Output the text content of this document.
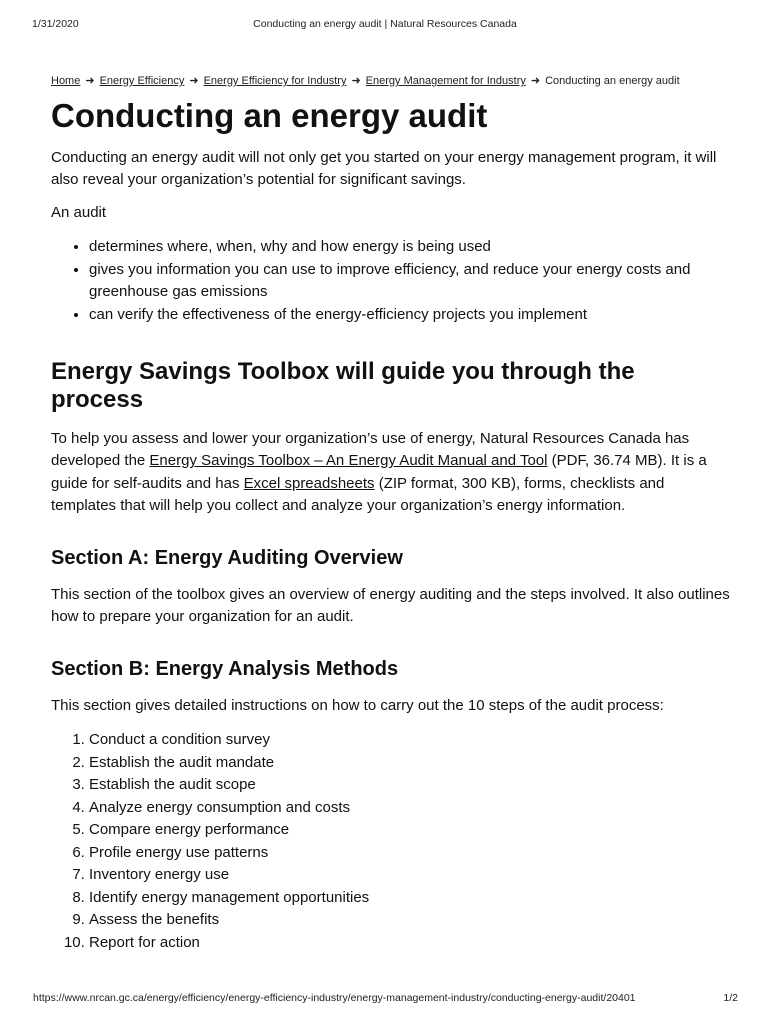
1/31/2020	Conducting an energy audit | Natural Resources Canada
Home ➜ Energy Efficiency ➜ Energy Efficiency for Industry ➜ Energy Management for Industry ➜ Conducting an energy audit
Conducting an energy audit

Conducting an energy audit will not only get you started on your energy management program, it will also reveal your organization’s potential for significant savings.

An audit

• determines where, when, why and how energy is being used
• gives you information you can use to improve efficiency, and reduce your energy costs and greenhouse gas emissions
• can verify the effectiveness of the energy-efficiency projects you implement
Energy Savings Toolbox will guide you through the process

To help you assess and lower your organization’s use of energy, Natural Resources Canada has developed the Energy Savings Toolbox – An Energy Audit Manual and Tool (PDF, 36.74 MB). It is a guide for self-audits and has Excel spreadsheets (ZIP format, 300 KB), forms, checklists and templates that will help you collect and analyze your organization’s energy information.

Section A: Energy Auditing Overview

This section of the toolbox gives an overview of energy auditing and the steps involved. It also outlines how to prepare your organization for an audit.

Section B: Energy Analysis Methods

This section gives detailed instructions on how to carry out the 10 steps of the audit process:

1. Conduct a condition survey
2. Establish the audit mandate
3. Establish the audit scope
4. Analyze energy consumption and costs
5. Compare energy performance
6. Profile energy use patterns
7. Inventory energy use
8. Identify energy management opportunities
9. Assess the benefits
10. Report for action
https://www.nrcan.gc.ca/energy/efficiency/energy-efficiency-industry/energy-management-industry/conducting-energy-audit/20401	1/2
